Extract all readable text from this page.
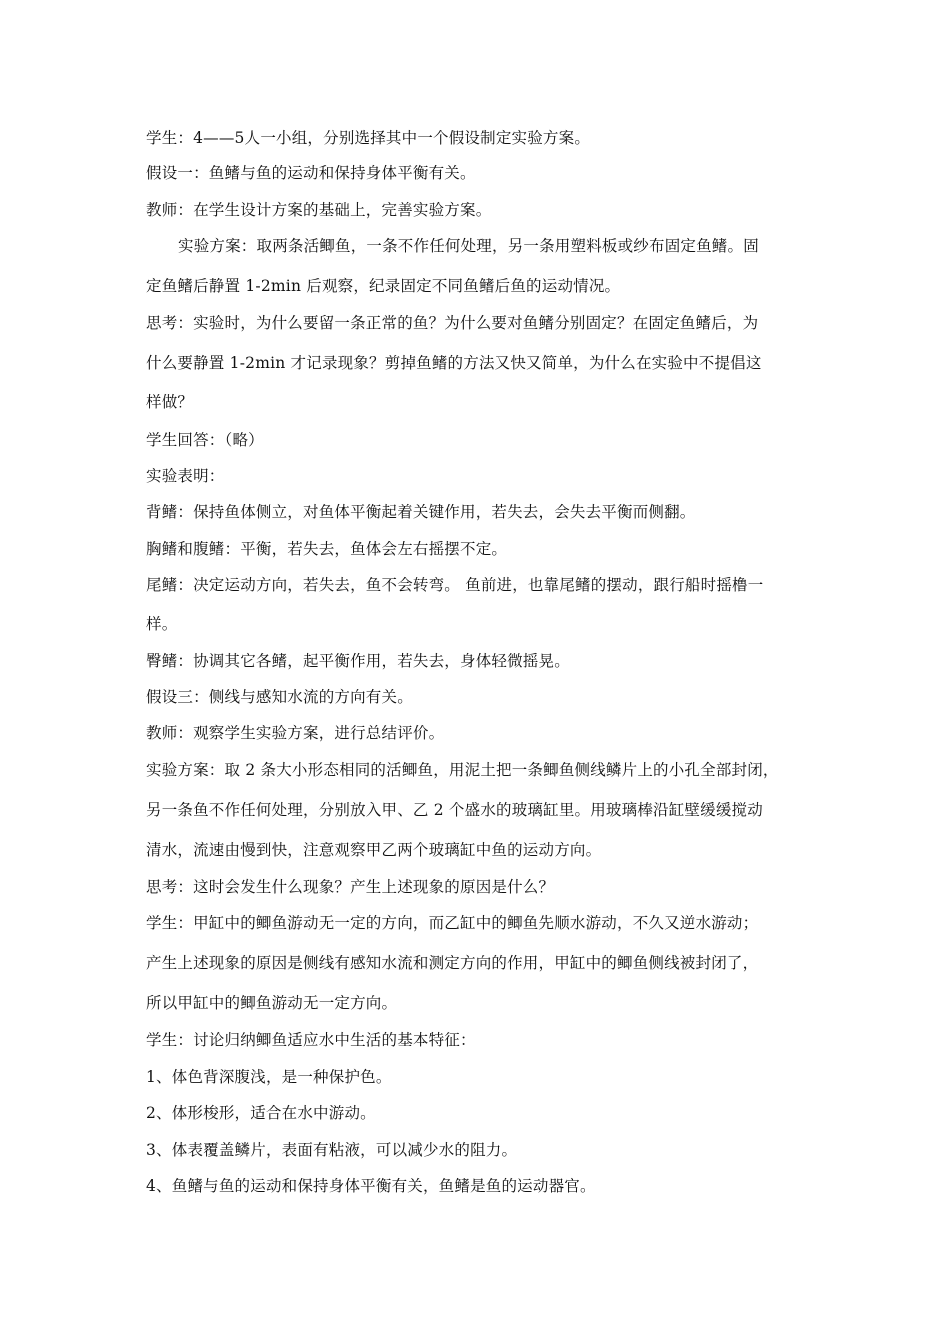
学生：4——5人一小组，分别选择其中一个假设制定实验方案。
假设一：鱼鳍与鱼的运动和保持身体平衡有关。
教师：在学生设计方案的基础上，完善实验方案。
实验方案：取两条活鲫鱼，一条不作任何处理，另一条用塑料板或纱布固定鱼鳍。固
定鱼鳍后静置 1-2min 后观察，纪录固定不同鱼鳍后鱼的运动情况。
思考：实验时，为什么要留一条正常的鱼？为什么要对鱼鳍分别固定？在固定鱼鳍后，为
什么要静置 1-2min 才记录现象？剪掉鱼鳍的方法又快又简单，为什么在实验中不提倡这
样做？
学生回答：（略）
实验表明：
背鳍：保持鱼体侧立，对鱼体平衡起着关键作用，若失去，会失去平衡而侧翻。
胸鳍和腹鳍：平衡，若失去，鱼体会左右摇摆不定。
尾鳍：决定运动方向，若失去，鱼不会转弯。 鱼前进，也靠尾鳍的摆动，跟行船时摇橹一
样。
臀鳍：协调其它各鳍，起平衡作用，若失去，身体轻微摇晃。
假设三：侧线与感知水流的方向有关。
教师：观察学生实验方案，进行总结评价。
实验方案：取 2 条大小形态相同的活鲫鱼，用泥土把一条鲫鱼侧线鳞片上的小孔全部封闭，
另一条鱼不作任何处理，分别放入甲、乙 2 个盛水的玻璃缸里。用玻璃棒沿缸壁缓缓搅动
清水，流速由慢到快，注意观察甲乙两个玻璃缸中鱼的运动方向。
思考：这时会发生什么现象？产生上述现象的原因是什么？
学生：甲缸中的鲫鱼游动无一定的方向，而乙缸中的鲫鱼先顺水游动，不久又逆水游动；
产生上述现象的原因是侧线有感知水流和测定方向的作用，甲缸中的鲫鱼侧线被封闭了，
所以甲缸中的鲫鱼游动无一定方向。
学生：讨论归纳鲫鱼适应水中生活的基本特征：
1、体色背深腹浅，是一种保护色。
2、体形梭形，适合在水中游动。
3、体表覆盖鳞片，表面有粘液，可以减少水的阻力。
4、鱼鳍与鱼的运动和保持身体平衡有关，鱼鳍是鱼的运动器官。
